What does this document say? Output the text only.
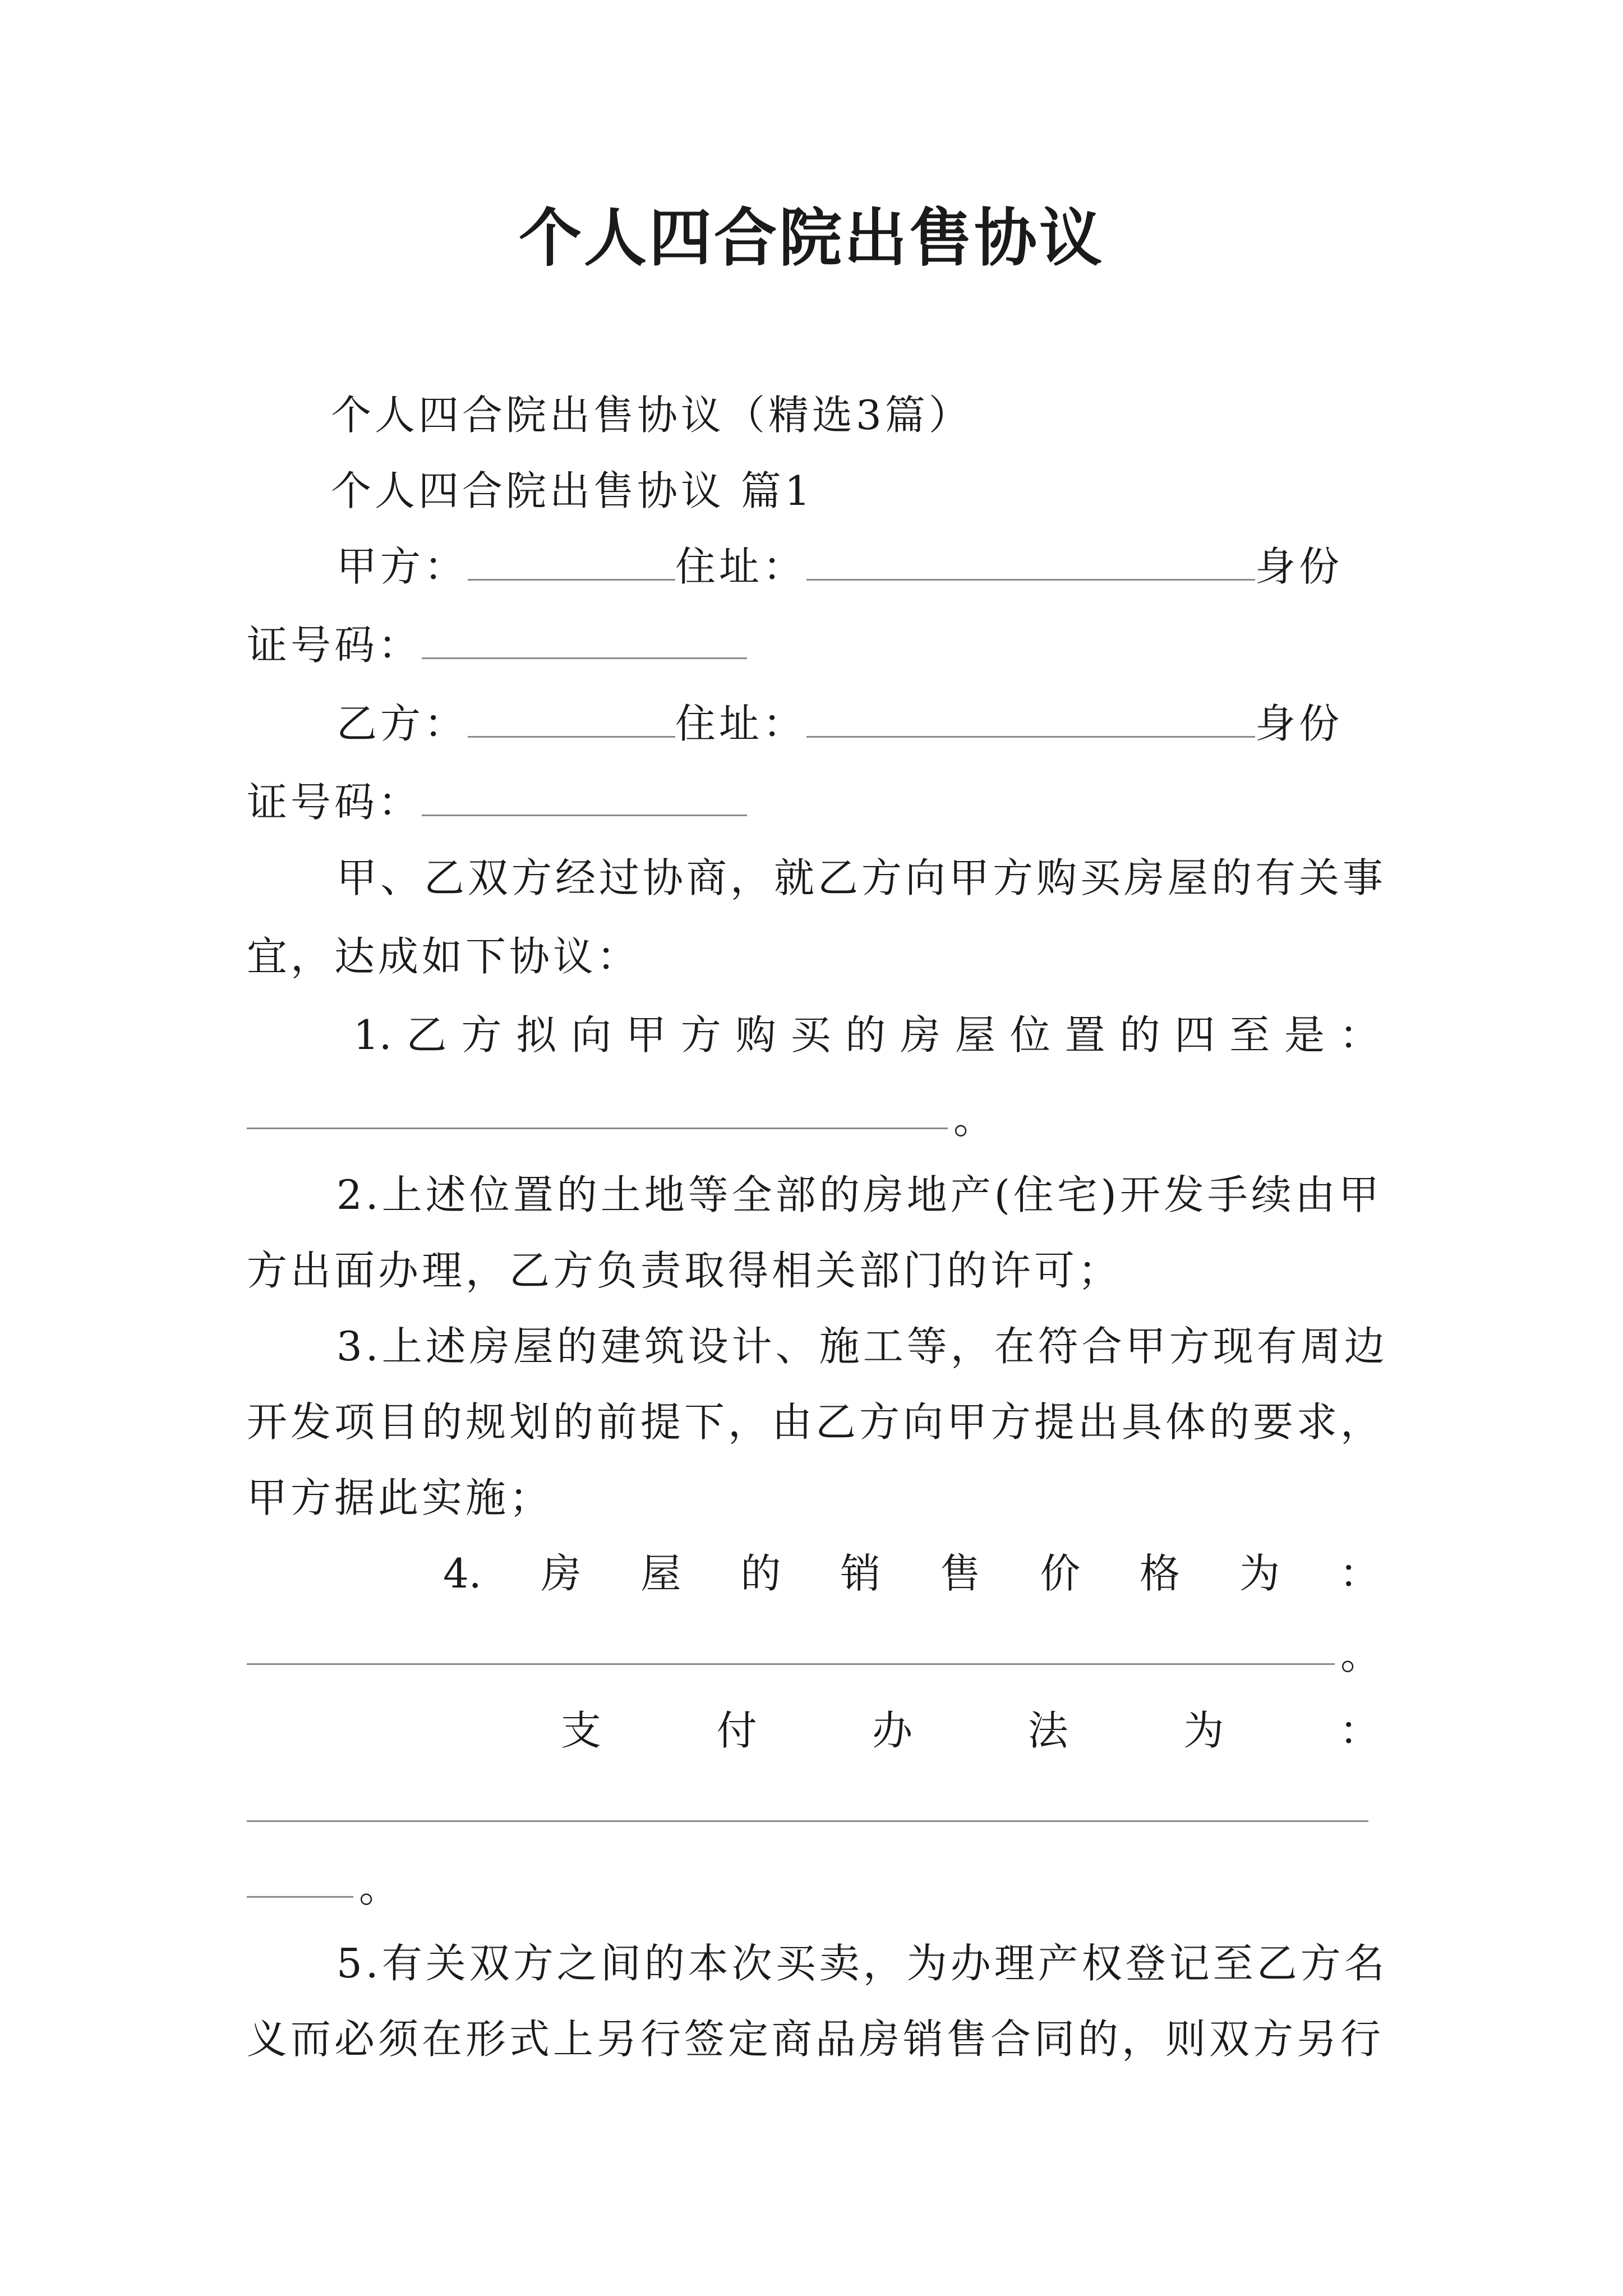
个人四合院出售协议
个人四合院出售协议（精选3篇）
个人四合院出售协议 篇1
甲方：	住址：	身份
证号码：
乙方：	住址：	身份
证号码：
甲、乙双方经过协商，就乙方向甲方购买房屋的有关事
宜，达成如下协议：
1. 乙 方 拟 向 甲 方 购 买 的 房 屋 位 置 的 四 至 是 ：
。
2.上述位置的土地等全部的房地产(住宅)开发手续由甲
方出面办理，乙方负责取得相关部门的许可；
3.上述房屋的建筑设计、施工等，在符合甲方现有周边
开发项目的规划的前提下，由乙方向甲方提出具体的要求，
甲方据此实施；
4. 房 屋 的 销 售 价 格 为 ：
。
支	付	办	法	为	：
。
5.有关双方之间的本次买卖，为办理产权登记至乙方名
义而必须在形式上另行签定商品房销售合同的，则双方另行
